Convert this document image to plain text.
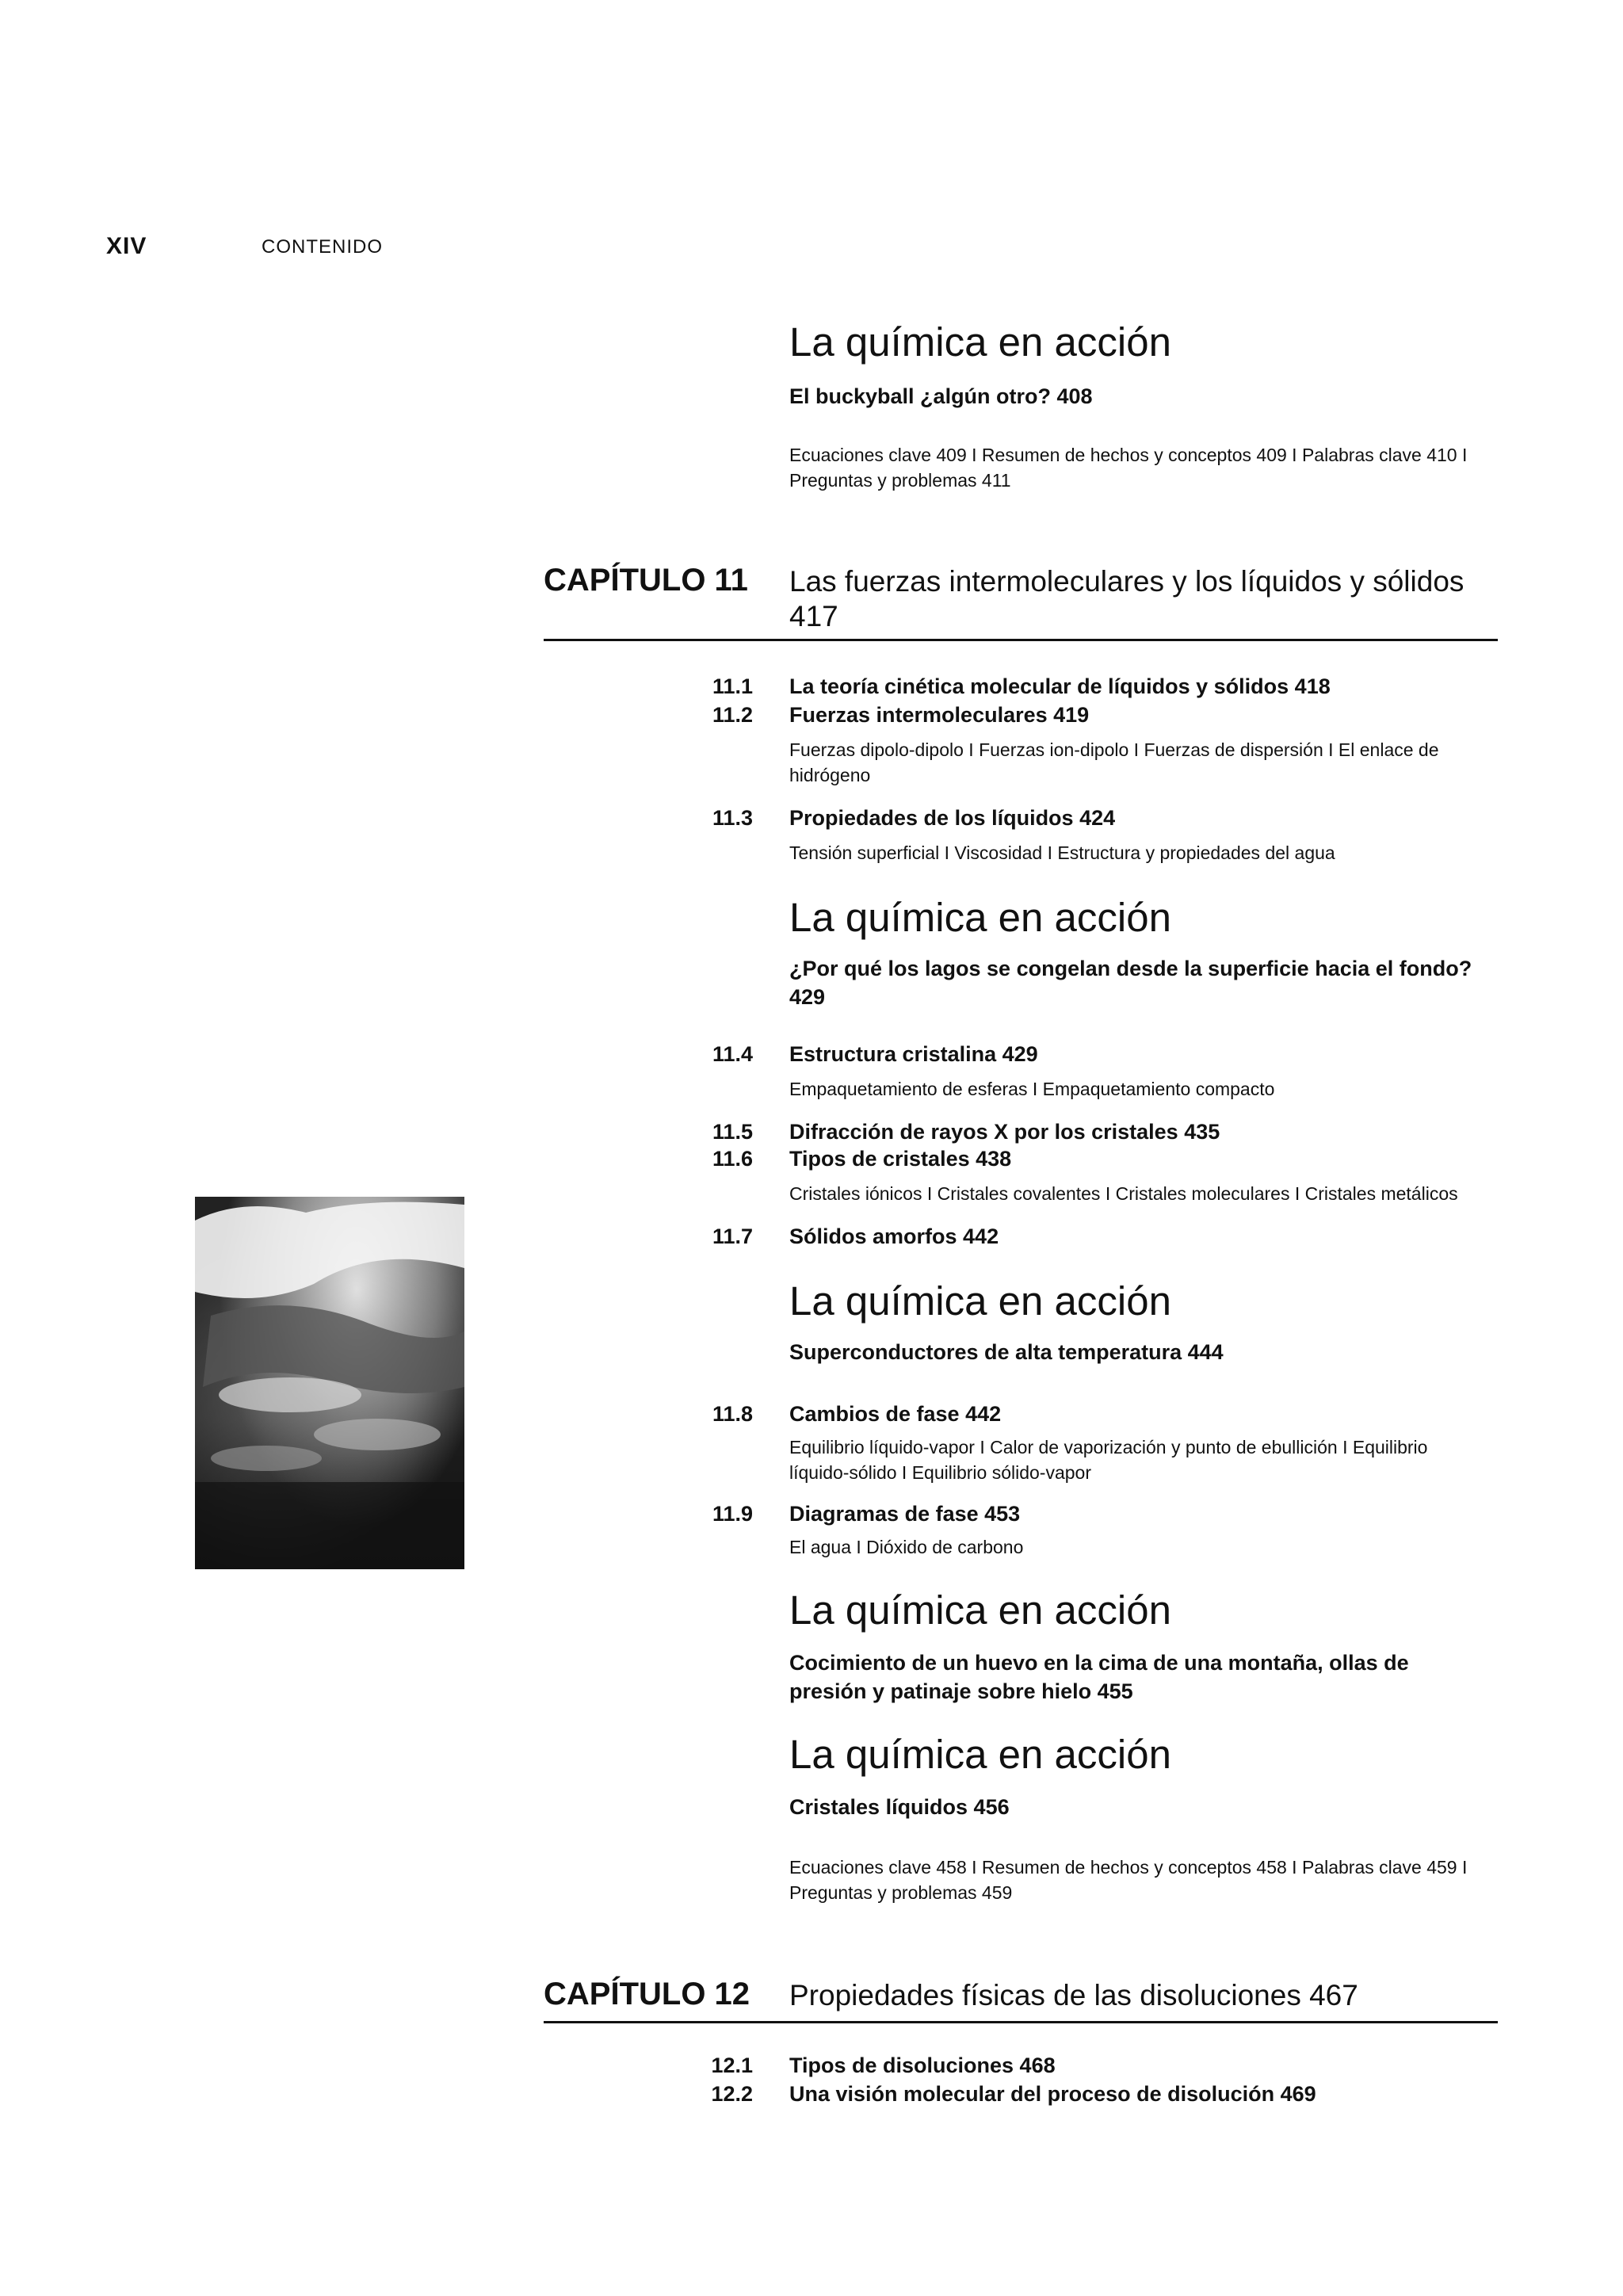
XIV	CONTENIDO
La química en acción
El buckyball ¿algún otro? 408
Ecuaciones clave 409 I Resumen de hechos y conceptos 409 I Palabras clave 410 I Preguntas y problemas 411
CAPÍTULO 11 Las fuerzas intermoleculares y los líquidos y sólidos 417
11.1 La teoría cinética molecular de líquidos y sólidos 418
11.2 Fuerzas intermoleculares 419
Fuerzas dipolo-dipolo I Fuerzas ion-dipolo I Fuerzas de dispersión I El enlace de hidrógeno
11.3 Propiedades de los líquidos 424
Tensión superficial I Viscosidad I Estructura y propiedades del agua
La química en acción
¿Por qué los lagos se congelan desde la superficie hacia el fondo? 429
11.4 Estructura cristalina 429
Empaquetamiento de esferas I Empaquetamiento compacto
11.5 Difracción de rayos X por los cristales 435
11.6 Tipos de cristales 438
Cristales iónicos I Cristales covalentes I Cristales moleculares I Cristales metálicos
11.7 Sólidos amorfos 442
La química en acción
Superconductores de alta temperatura 444
11.8 Cambios de fase 442
Equilibrio líquido-vapor I Calor de vaporización y punto de ebullición I Equilibrio líquido-sólido I Equilibrio sólido-vapor
11.9 Diagramas de fase 453
El agua I Dióxido de carbono
La química en acción
Cocimiento de un huevo en la cima de una montaña, ollas de presión y patinaje sobre hielo 455
La química en acción
Cristales líquidos 456
Ecuaciones clave 458 I Resumen de hechos y conceptos 458 I Palabras clave 459 I Preguntas y problemas 459
CAPÍTULO 12 Propiedades físicas de las disoluciones 467
12.1 Tipos de disoluciones 468
12.2 Una visión molecular del proceso de disolución 469
